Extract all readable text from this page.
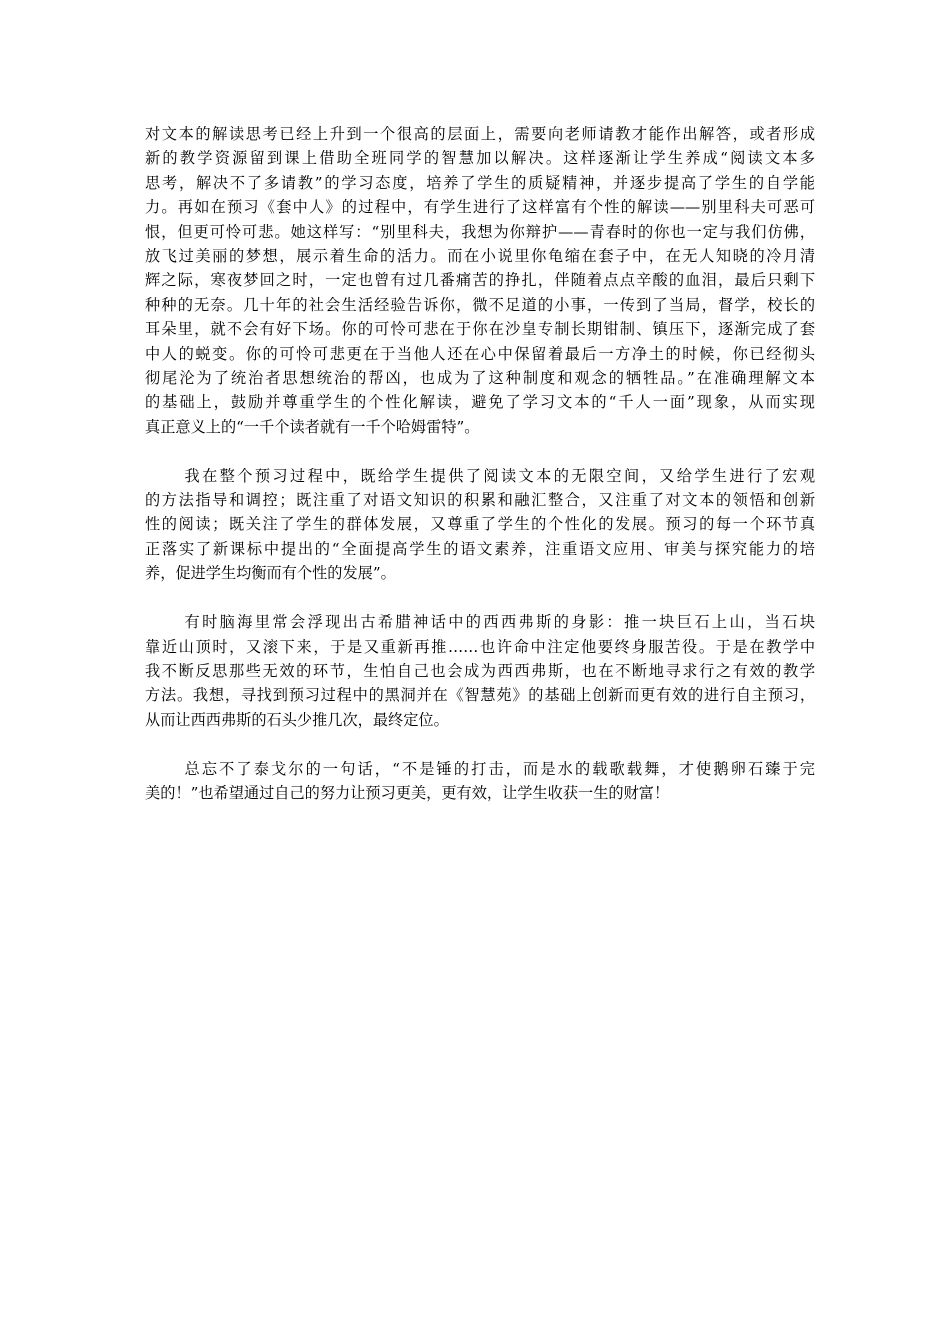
对文本的解读思考已经上升到一个很高的层面上，需要向老师请教才能作出解答，或者形成
新的教学资源留到课上借助全班同学的智慧加以解决。这样逐渐让学生养成“阅读文本多
思考，解决不了多请教”的学习态度，培养了学生的质疑精神，并逐步提高了学生的自学能
力。再如在预习《套中人》的过程中，有学生进行了这样富有个性的解读——别里科夫可恶可
恨，但更可怜可悲。她这样写：“别里科夫，我想为你辩护——青春时的你也一定与我们仿佛，
放飞过美丽的梦想，展示着生命的活力。而在小说里你龟缩在套子中，在无人知晓的冷月清
辉之际，寒夜梦回之时，一定也曾有过几番痛苦的挣扎，伴随着点点辛酸的血泪，最后只剩下
种种的无奈。几十年的社会生活经验告诉你，微不足道的小事，一传到了当局，督学，校长的
耳朵里，就不会有好下场。你的可怜可悲在于你在沙皇专制长期钳制、镇压下，逐渐完成了套
中人的蜕变。你的可怜可悲更在于当他人还在心中保留着最后一方净土的时候，你已经彻头
彻尾沦为了统治者思想统治的帮凶，也成为了这种制度和观念的牺牲品。”在准确理解文本
的基础上，鼓励并尊重学生的个性化解读，避免了学习文本的“千人一面”现象，从而实现
真正意义上的“一千个读者就有一千个哈姆雷特”。

我在整个预习过程中，既给学生提供了阅读文本的无限空间，又给学生进行了宏观
的方法指导和调控；既注重了对语文知识的积累和融汇整合，又注重了对文本的领悟和创新
性的阅读；既关注了学生的群体发展，又尊重了学生的个性化的发展。预习的每一个环节真
正落实了新课标中提出的“全面提高学生的语文素养，注重语文应用、审美与探究能力的培
养，促进学生均衡而有个性的发展”。

有时脑海里常会浮现出古希腊神话中的西西弗斯的身影：推一块巨石上山，当石块
靠近山顶时，又滚下来，于是又重新再推……也许命中注定他要终身服苦役。于是在教学中
我不断反思那些无效的环节，生怕自己也会成为西西弗斯，也在不断地寻求行之有效的教学
方法。我想，寻找到预习过程中的黑洞并在《智慧苑》的基础上创新而更有效的进行自主预习，
从而让西西弗斯的石头少推几次，最终定位。

总忘不了泰戈尔的一句话，“不是锤的打击，而是水的载歌载舞，才使鹅卵石臻于完
美的！”也希望通过自己的努力让预习更美，更有效，让学生收获一生的财富！
